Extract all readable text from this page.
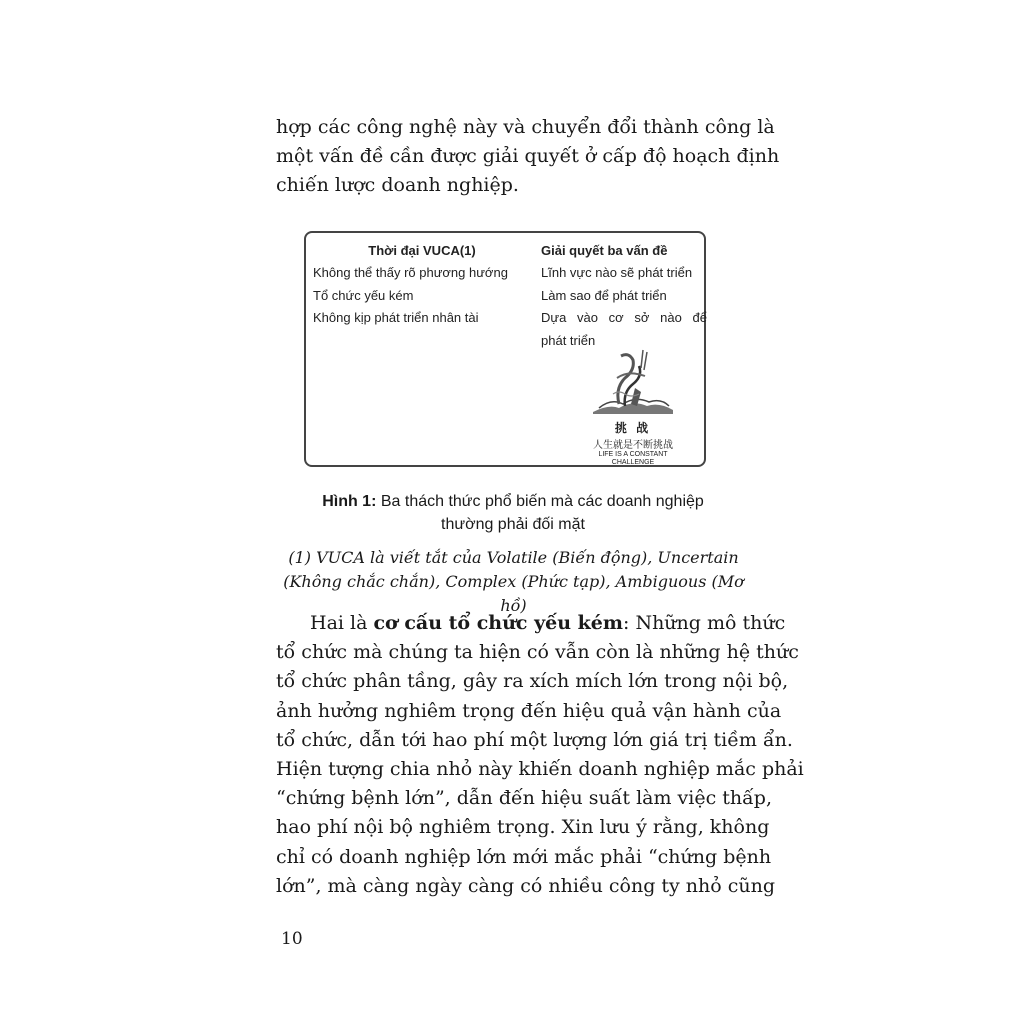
hợp các công nghệ này và chuyển đổi thành công là
một vấn đề cần được giải quyết ở cấp độ hoạch định
chiến lược doanh nghiệp.
Thời đại VUCA(1)
Không thể thấy rõ phương hướng
Tổ chức yếu kém
Không kịp phát triển nhân tài
Giải quyết ba vấn đề
Lĩnh vực nào sẽ phát triển
Làm sao để phát triển
Dựa vào cơ sở nào để
phát triển
挑 战
人生就是不断挑战
LIFE IS A CONSTANT
CHALLENGE
Hình 1: Ba thách thức phổ biến mà các doanh nghiệp
thường phải đối mặt
(1) VUCA là viết tắt của Volatile (Biến động), Uncertain
(Không chắc chắn), Complex (Phức tạp), Ambiguous (Mơ hồ)
Hai là cơ cấu tổ chức yếu kém: Những mô thức
tổ chức mà chúng ta hiện có vẫn còn là những hệ thức
tổ chức phân tầng, gây ra xích mích lớn trong nội bộ,
ảnh hưởng nghiêm trọng đến hiệu quả vận hành của
tổ chức, dẫn tới hao phí một lượng lớn giá trị tiềm ẩn.
Hiện tượng chia nhỏ này khiến doanh nghiệp mắc phải
“chứng bệnh lớn”, dẫn đến hiệu suất làm việc thấp,
hao phí nội bộ nghiêm trọng. Xin lưu ý rằng, không
chỉ có doanh nghiệp lớn mới mắc phải “chứng bệnh
lớn”, mà càng ngày càng có nhiều công ty nhỏ cũng
10
